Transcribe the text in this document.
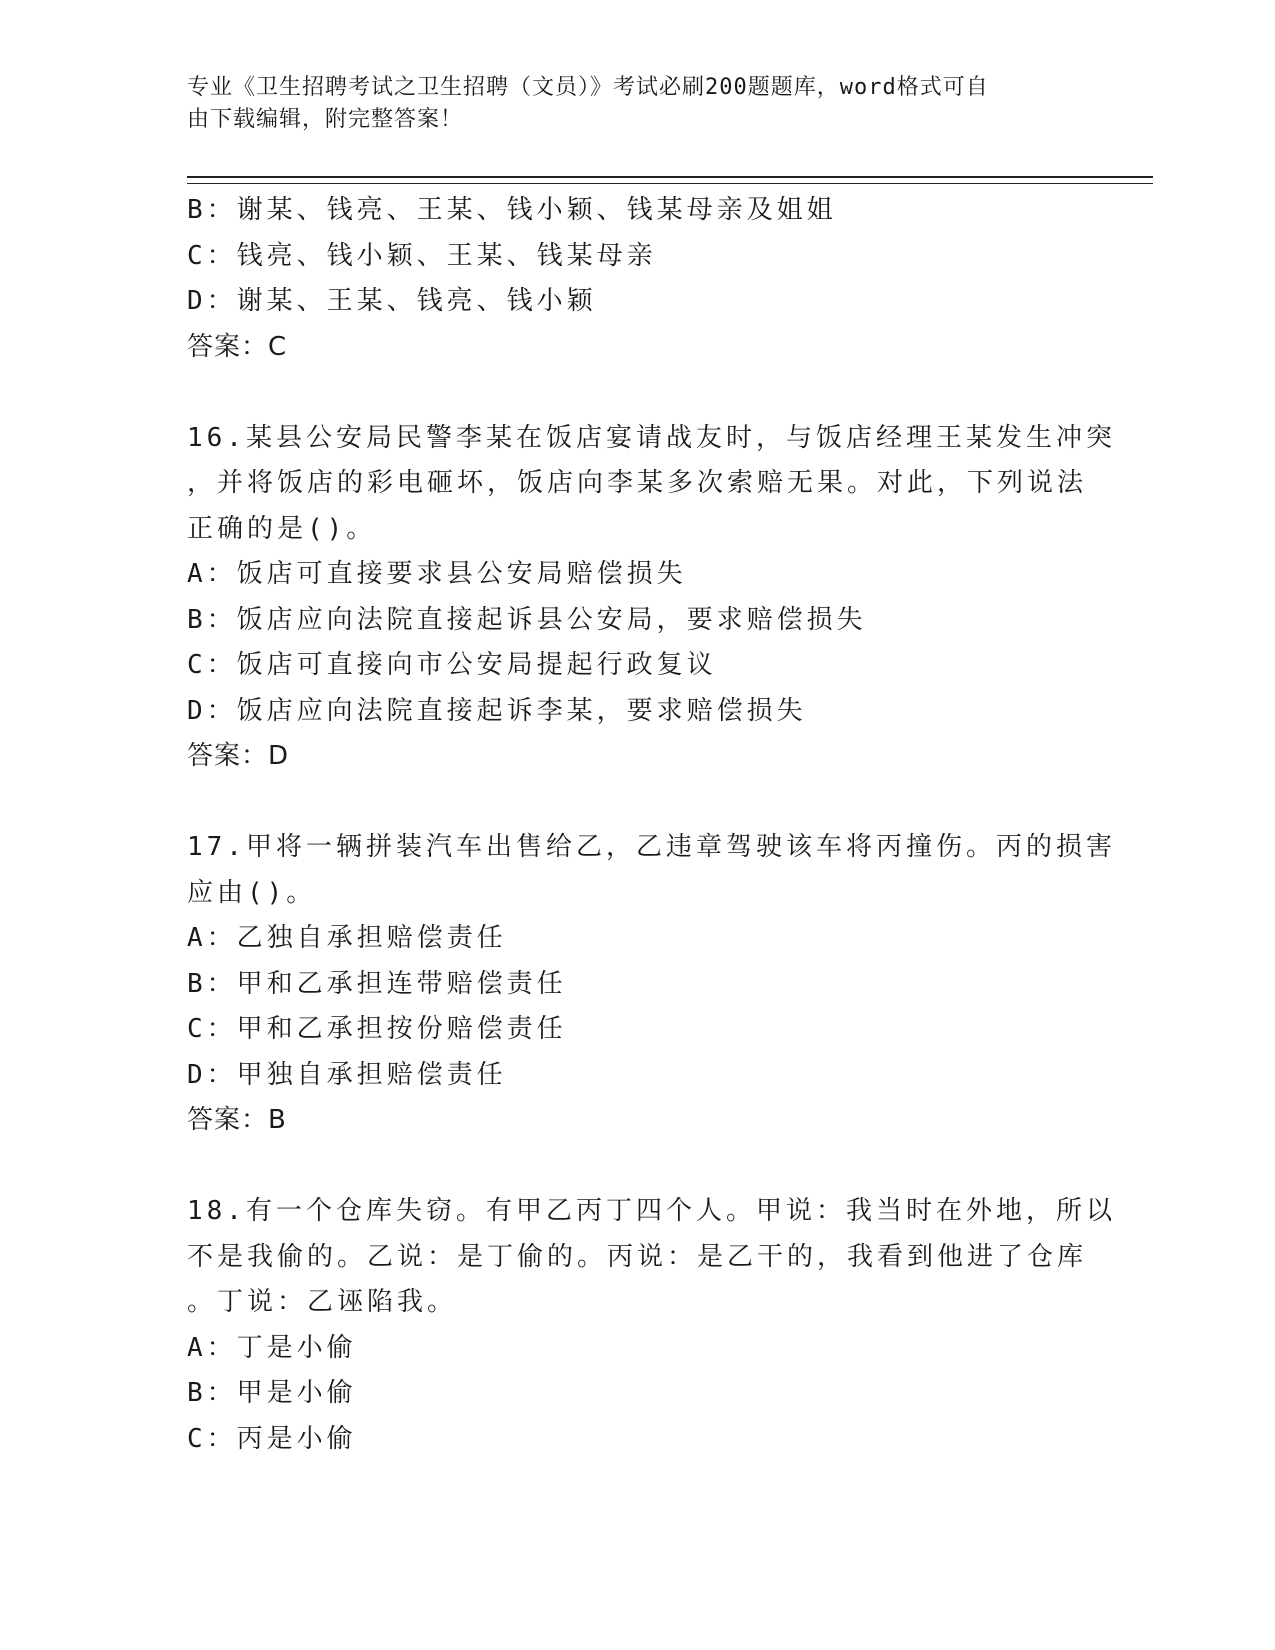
专业《卫生招聘考试之卫生招聘（文员）》考试必刷200题题库，word格式可自
由下载编辑，附完整答案！
B：谢某、钱亮、王某、钱小颖、钱某母亲及姐姐
C：钱亮、钱小颖、王某、钱某母亲
D：谢某、王某、钱亮、钱小颖
答案：C
16.某县公安局民警李某在饭店宴请战友时，与饭店经理王某发生冲突
，并将饭店的彩电砸坏，饭店向李某多次索赔无果。对此，下列说法
正确的是()。
A：饭店可直接要求县公安局赔偿损失
B：饭店应向法院直接起诉县公安局，要求赔偿损失
C：饭店可直接向市公安局提起行政复议
D：饭店应向法院直接起诉李某，要求赔偿损失
答案：D
17.甲将一辆拼装汽车出售给乙，乙违章驾驶该车将丙撞伤。丙的损害
应由()。
A：乙独自承担赔偿责任
B：甲和乙承担连带赔偿责任
C：甲和乙承担按份赔偿责任
D：甲独自承担赔偿责任
答案：B
18.有一个仓库失窃。有甲乙丙丁四个人。甲说：我当时在外地，所以
不是我偷的。乙说：是丁偷的。丙说：是乙干的，我看到他进了仓库
。丁说：乙诬陷我。
A：丁是小偷
B：甲是小偷
C：丙是小偷
